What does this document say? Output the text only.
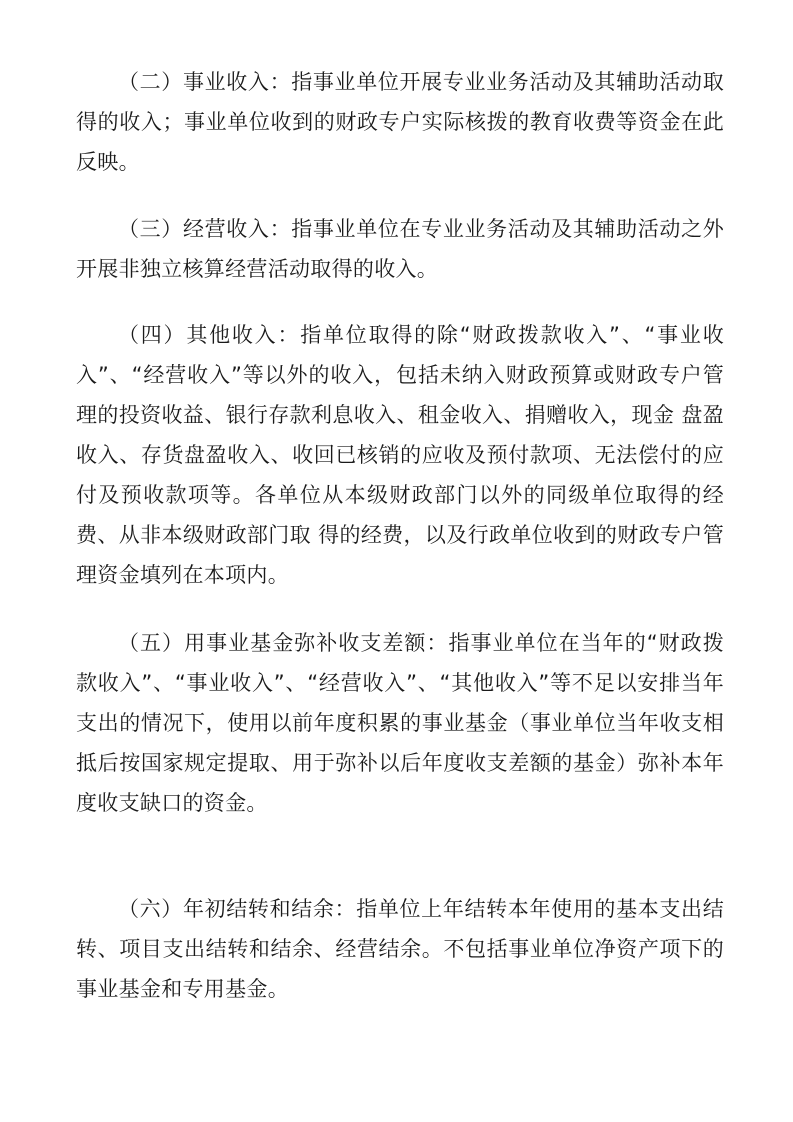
（二）事业收入：指事业单位开展专业业务活动及其辅助活动取得的收入；事业单位收到的财政专户实际核拨的教育收费等资金在此反映。

（三）经营收入：指事业单位在专业业务活动及其辅助活动之外开展非独立核算经营活动取得的收入。

（四）其他收入：指单位取得的除“财政拨款收入”、“事业收入”、“经营收入”等以外的收入，包括未纳入财政预算或财政专户管理的投资收益、银行存款利息收入、租金收入、捐赠收入，现金 盘盈收入、存货盘盈收入、收回已核销的应收及预付款项、无法偿付的应付及预收款项等。各单位从本级财政部门以外的同级单位取得的经费、从非本级财政部门取 得的经费，以及行政单位收到的财政专户管理资金填列在本项内。

（五）用事业基金弥补收支差额：指事业单位在当年的“财政拨款收入”、“事业收入”、“经营收入”、“其他收入”等不足以安排当年支出的情况下，使用以前年度积累的事业基金（事业单位当年收支相抵后按国家规定提取、用于弥补以后年度收支差额的基金）弥补本年度收支缺口的资金。

（六）年初结转和结余：指单位上年结转本年使用的基本支出结转、项目支出结转和结余、经营结余。不包括事业单位净资产项下的事业基金和专用基金。
